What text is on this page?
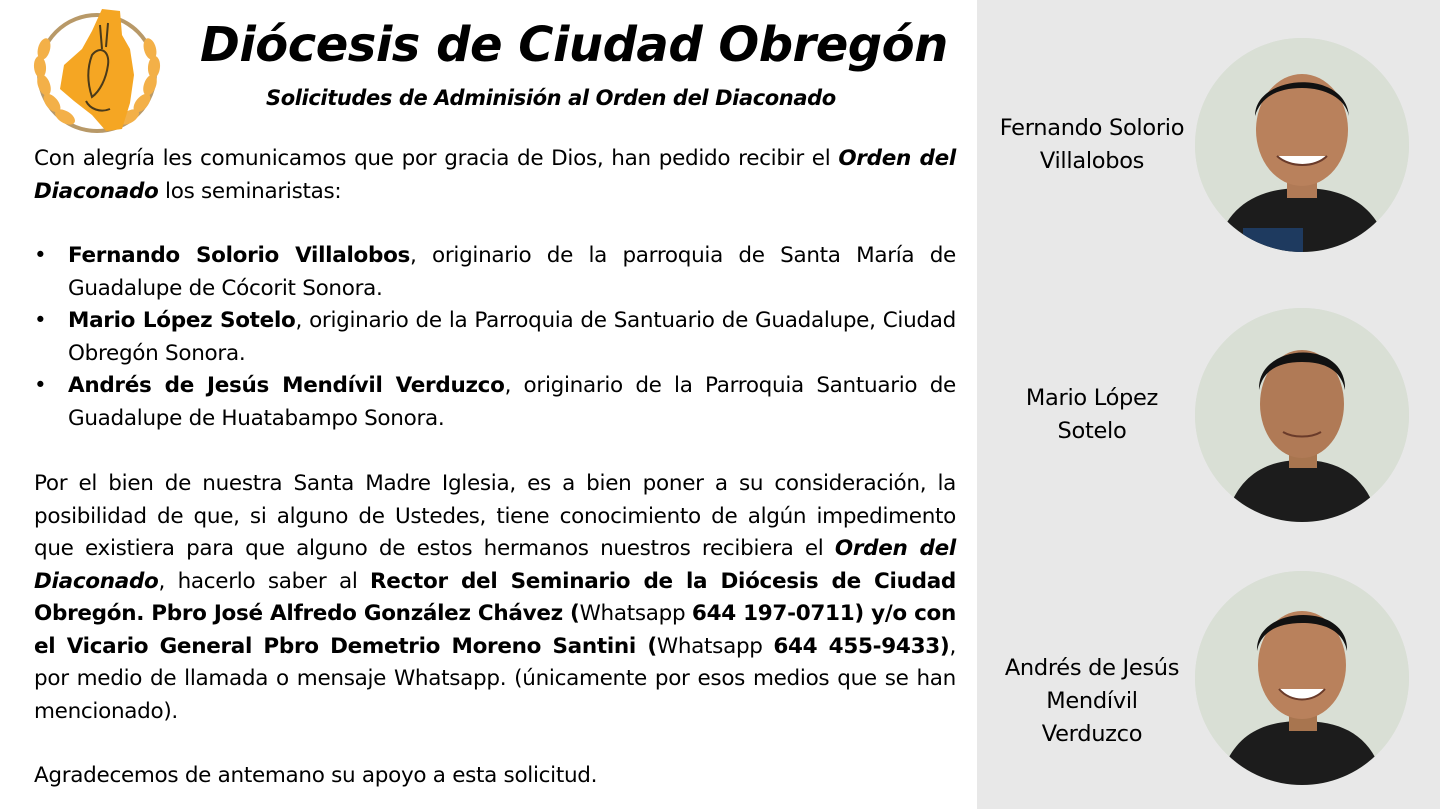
Diócesis de Ciudad Obregón
Solicitudes de Adminisión al Orden del Diaconado
Con alegría les comunicamos que por gracia de Dios, han pedido recibir el Orden del Diaconado los seminaristas:
• Fernando Solorio Villalobos, originario de la parroquia de Santa María de Guadalupe de Cócorit Sonora.
• Mario López Sotelo, originario de la Parroquia de Santuario de Guadalupe, Ciudad Obregón Sonora.
• Andrés de Jesús Mendívil Verduzco, originario de la Parroquia Santuario de Guadalupe de Huatabampo Sonora.
Por el bien de nuestra Santa Madre Iglesia, es a bien poner a su consideración, la posibilidad de que, si alguno de Ustedes, tiene conocimiento de algún impedimento que existiera para que alguno de estos hermanos nuestros recibiera el Orden del Diaconado, hacerlo saber al Rector del Seminario de la Diócesis de Ciudad Obregón. Pbro José Alfredo González Chávez (Whatsapp 644 197-0711) y/o con el Vicario General Pbro Demetrio Moreno Santini (Whatsapp 644 455-9433), por medio de llamada o mensaje Whatsapp. (únicamente por esos medios que se han mencionado).
Agradecemos de antemano su apoyo a esta solicitud.
Fernando Solorio
Villalobos
Mario López
Sotelo
Andrés de Jesús
Mendívil
Verduzco
